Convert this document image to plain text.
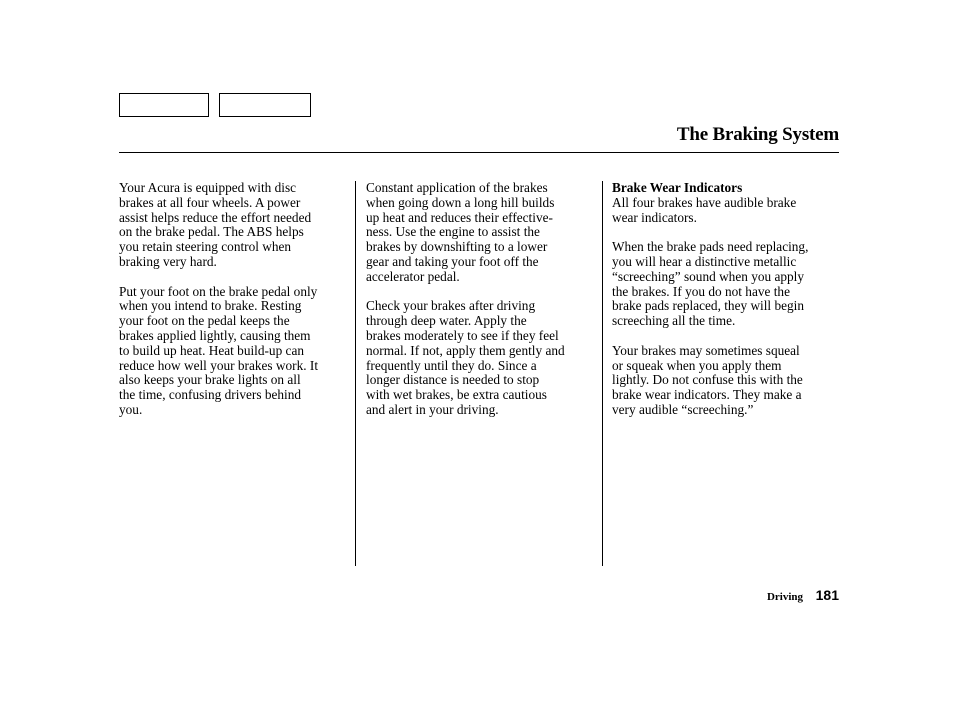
The Braking System

Your Acura is equipped with disc
brakes at all four wheels. A power
assist helps reduce the effort needed
on the brake pedal. The ABS helps
you retain steering control when
braking very hard.

Put your foot on the brake pedal only
when you intend to brake. Resting
your foot on the pedal keeps the
brakes applied lightly, causing them
to build up heat. Heat build-up can
reduce how well your brakes work. It
also keeps your brake lights on all
the time, confusing drivers behind
you.

Constant application of the brakes
when going down a long hill builds
up heat and reduces their effective-
ness. Use the engine to assist the
brakes by downshifting to a lower
gear and taking your foot off the
accelerator pedal.

Check your brakes after driving
through deep water. Apply the
brakes moderately to see if they feel
normal. If not, apply them gently and
frequently until they do. Since a
longer distance is needed to stop
with wet brakes, be extra cautious
and alert in your driving.

Brake Wear Indicators

All four brakes have audible brake
wear indicators.

When the brake pads need replacing,
you will hear a distinctive metallic
“screeching” sound when you apply
the brakes. If you do not have the
brake pads replaced, they will begin
screeching all the time.

Your brakes may sometimes squeal
or squeak when you apply them
lightly. Do not confuse this with the
brake wear indicators. They make a
very audible “screeching.”

Driving 181
